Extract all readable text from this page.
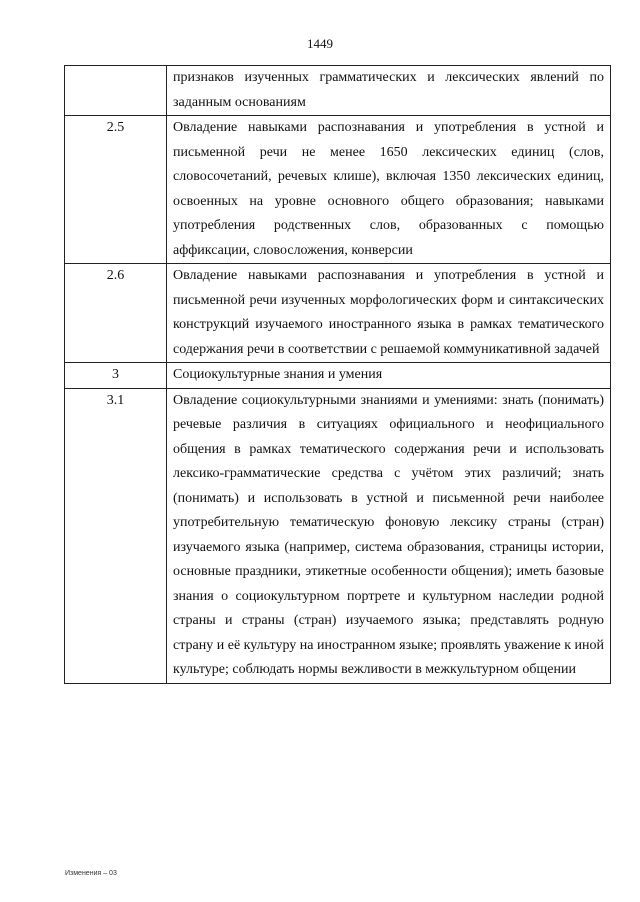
1449
	признаков изученных грамматических и лексических явлений по заданным основаниям
2.5	Овладение навыками распознавания и употребления в устной и письменной речи не менее 1650 лексических единиц (слов, словосочетаний, речевых клише), включая 1350 лексических единиц, освоенных на уровне основного общего образования; навыками употребления родственных слов, образованных с помощью аффиксации, словосложения, конверсии
2.6	Овладение навыками распознавания и употребления в устной и письменной речи изученных морфологических форм и синтаксических конструкций изучаемого иностранного языка в рамках тематического содержания речи в соответствии с решаемой коммуникативной задачей
3	Социокультурные знания и умения
3.1	Овладение социокультурными знаниями и умениями: знать (понимать) речевые различия в ситуациях официального и неофициального общения в рамках тематического содержания речи и использовать лексико-грамматические средства с учётом этих различий; знать (понимать) и использовать в устной и письменной речи наиболее употребительную тематическую фоновую лексику страны (стран) изучаемого языка (например, система образования, страницы истории, основные праздники, этикетные особенности общения); иметь базовые знания о социокультурном портрете и культурном наследии родной страны и страны (стран) изучаемого языка; представлять родную страну и её культуру на иностранном языке; проявлять уважение к иной культуре; соблюдать нормы вежливости в межкультурном общении
Изменения – 03
